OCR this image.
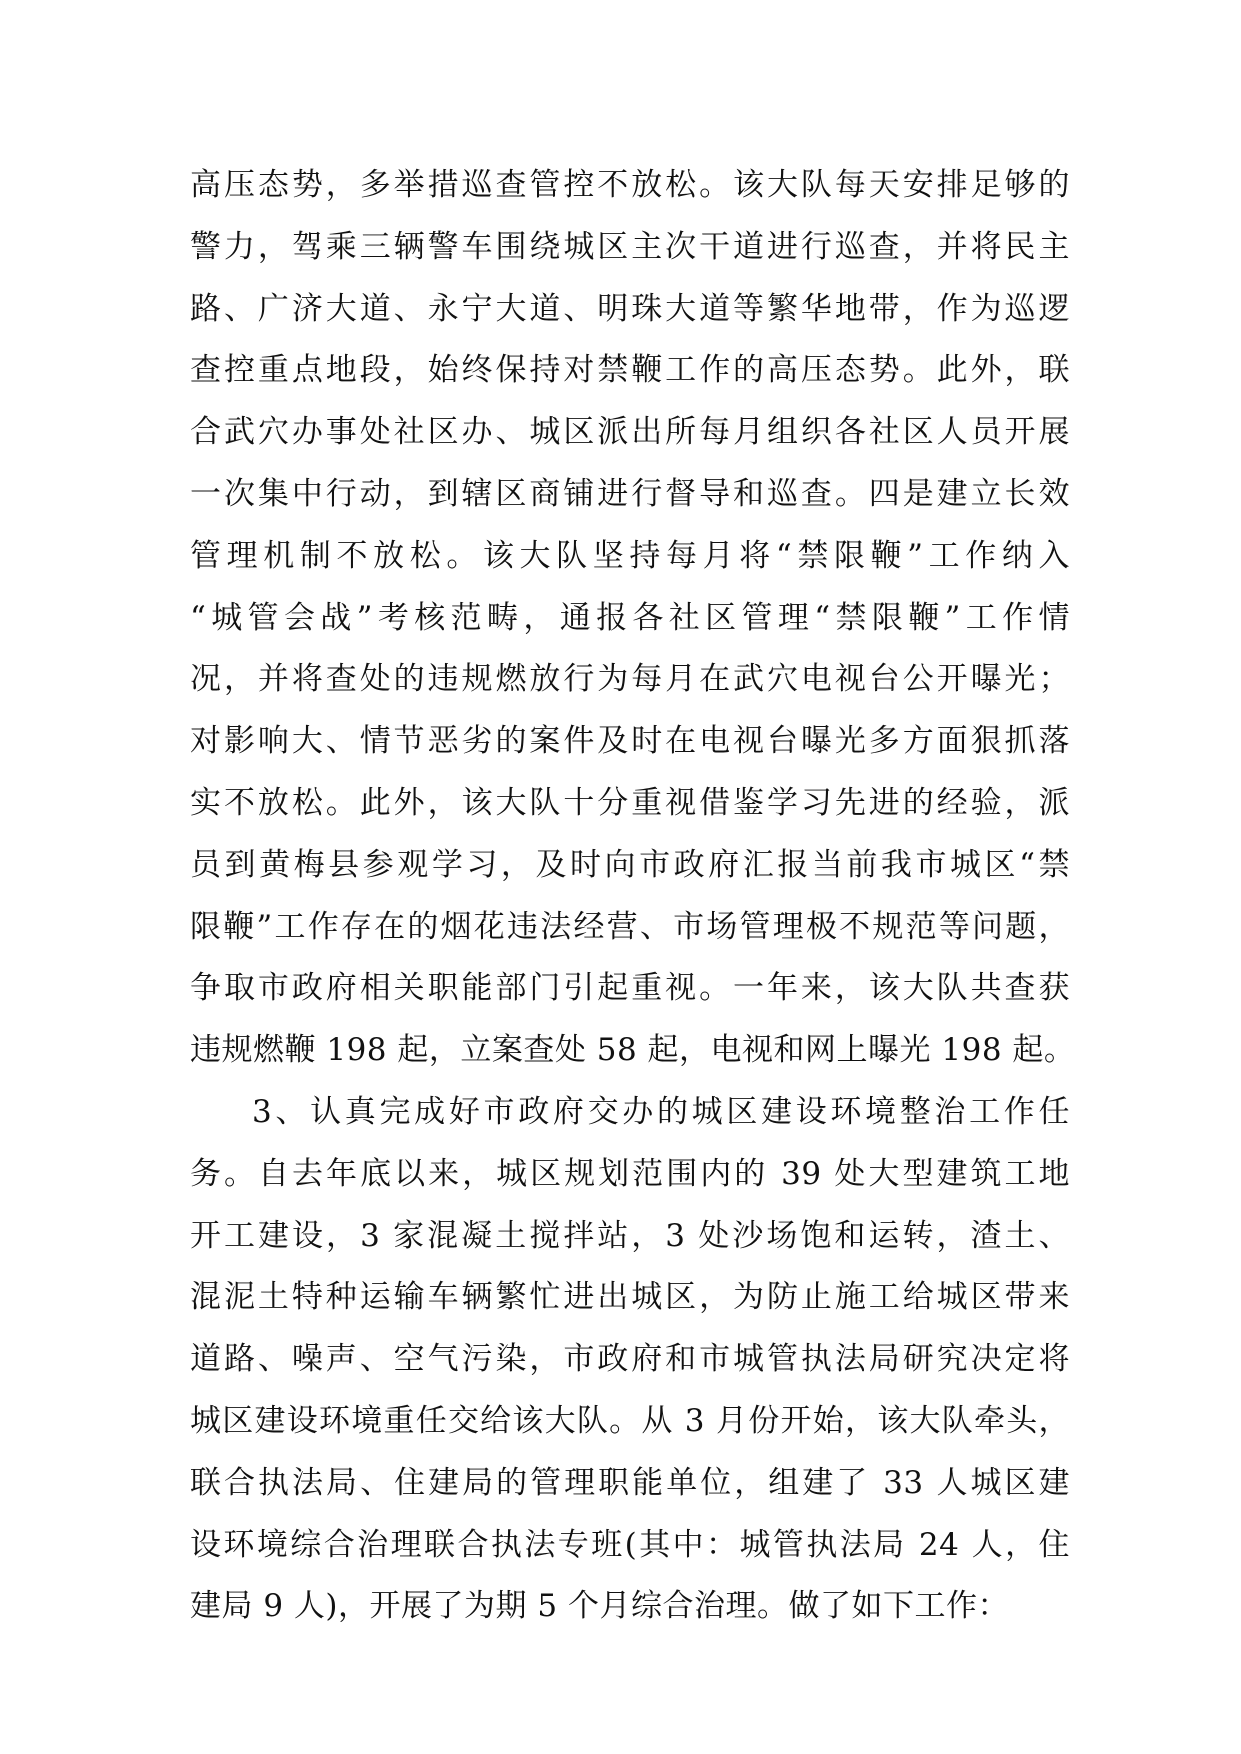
高压态势，多举措巡查管控不放松。该大队每天安排足够的
警力，驾乘三辆警车围绕城区主次干道进行巡查，并将民主
路、广济大道、永宁大道、明珠大道等繁华地带，作为巡逻
查控重点地段，始终保持对禁鞭工作的高压态势。此外，联
合武穴办事处社区办、城区派出所每月组织各社区人员开展
一次集中行动，到辖区商铺进行督导和巡查。四是建立长效
管理机制不放松。该大队坚持每月将“禁限鞭”工作纳入
“城管会战”考核范畴，通报各社区管理“禁限鞭”工作情
况，并将查处的违规燃放行为每月在武穴电视台公开曝光；
对影响大、情节恶劣的案件及时在电视台曝光多方面狠抓落
实不放松。此外，该大队十分重视借鉴学习先进的经验，派
员到黄梅县参观学习，及时向市政府汇报当前我市城区“禁
限鞭”工作存在的烟花违法经营、市场管理极不规范等问题，
争取市政府相关职能部门引起重视。一年来，该大队共查获
违规燃鞭 198 起，立案查处 58 起，电视和网上曝光 198 起。
3、认真完成好市政府交办的城区建设环境整治工作任
务。自去年底以来，城区规划范围内的 39 处大型建筑工地
开工建设，3 家混凝土搅拌站，3 处沙场饱和运转，渣土、
混泥土特种运输车辆繁忙进出城区，为防止施工给城区带来
道路、噪声、空气污染，市政府和市城管执法局研究决定将
城区建设环境重任交给该大队。从 3 月份开始，该大队牵头，
联合执法局、住建局的管理职能单位，组建了 33 人城区建
设环境综合治理联合执法专班(其中：城管执法局 24 人，住
建局 9 人)，开展了为期 5 个月综合治理。做了如下工作：
